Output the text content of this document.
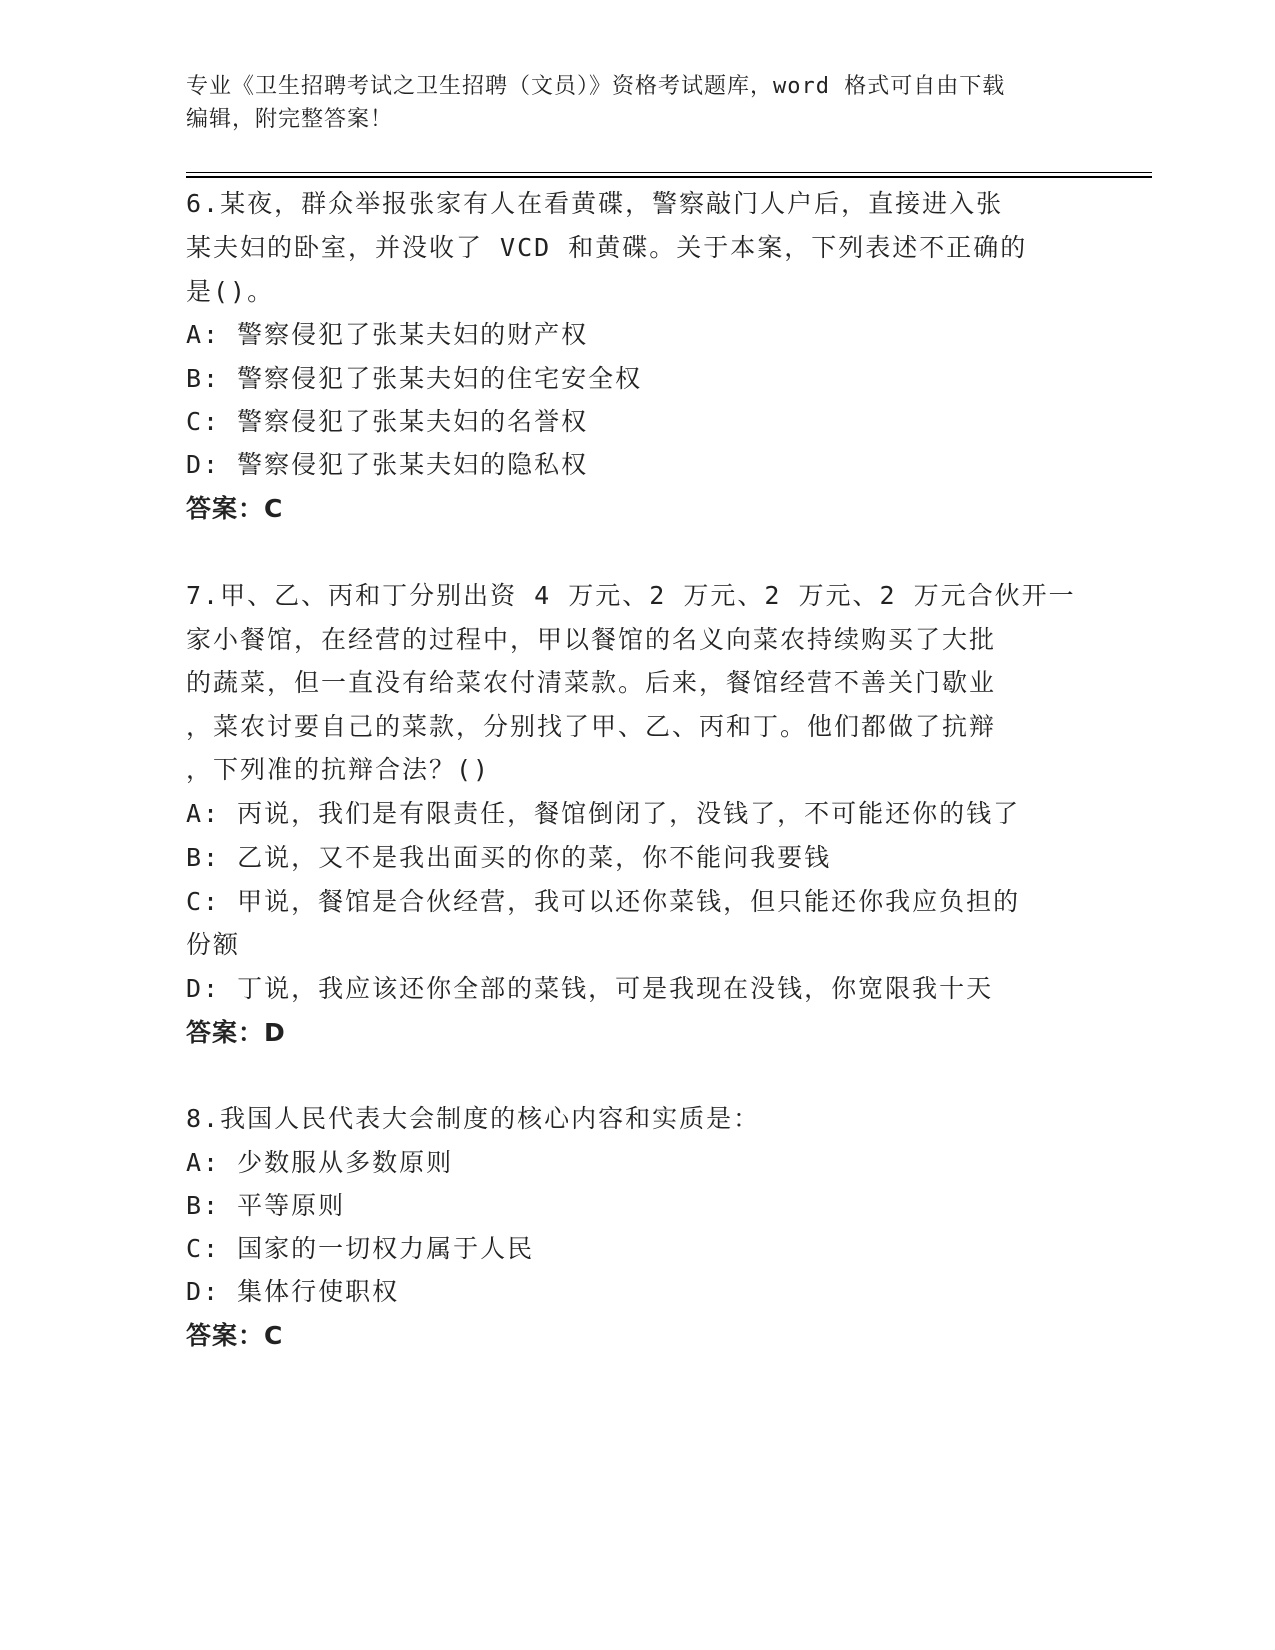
专业《卫生招聘考试之卫生招聘（文员）》资格考试题库，word 格式可自由下载
编辑，附完整答案！
6.某夜，群众举报张家有人在看黄碟，警察敲门人户后，直接进入张
某夫妇的卧室，并没收了 VCD 和黄碟。关于本案，下列表述不正确的
是()。
A: 警察侵犯了张某夫妇的财产权
B: 警察侵犯了张某夫妇的住宅安全权
C: 警察侵犯了张某夫妇的名誉权
D: 警察侵犯了张某夫妇的隐私权
答案：C
7.甲、乙、丙和丁分别出资 4 万元、2 万元、2 万元、2 万元合伙开一
家小餐馆，在经营的过程中，甲以餐馆的名义向菜农持续购买了大批
的蔬菜，但一直没有给菜农付清菜款。后来，餐馆经营不善关门歇业
，菜农讨要自己的菜款，分别找了甲、乙、丙和丁。他们都做了抗辩
，下列准的抗辩合法？()
A: 丙说，我们是有限责任，餐馆倒闭了，没钱了，不可能还你的钱了
B: 乙说，又不是我出面买的你的菜，你不能问我要钱
C: 甲说，餐馆是合伙经营，我可以还你菜钱，但只能还你我应负担的
份额
D: 丁说，我应该还你全部的菜钱，可是我现在没钱，你宽限我十天
答案：D
8.我国人民代表大会制度的核心内容和实质是：
A: 少数服从多数原则
B: 平等原则
C: 国家的一切权力属于人民
D: 集体行使职权
答案：C
